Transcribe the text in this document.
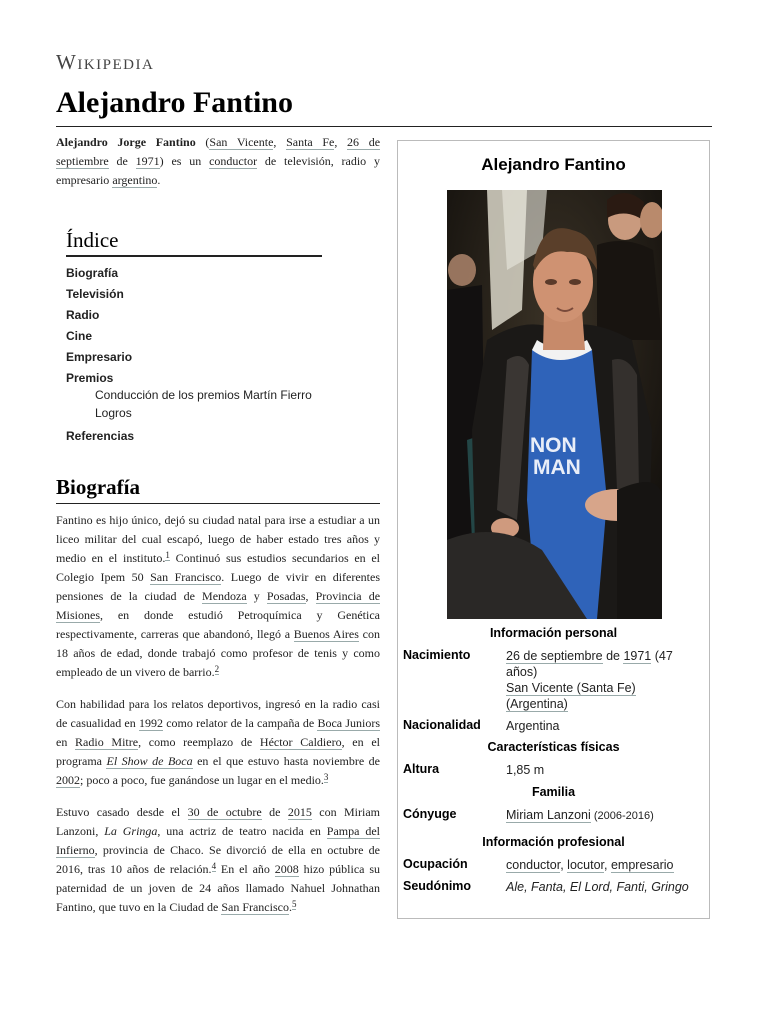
Wikipedia
Alejandro Fantino
Alejandro Jorge Fantino (San Vicente, Santa Fe, 26 de septiembre de 1971) es un conductor de televisión, radio y empresario argentino.
Índice
Biografía
Televisión
Radio
Cine
Empresario
Premios
Conducción de los premios Martín Fierro
Logros
Referencias
Biografía

Fantino es hijo único, dejó su ciudad natal para irse a estudiar a un liceo militar del cual escapó, luego de haber estado tres años y medio en el instituto.$^1$ Continuó sus estudios secundarios en el Colegio Ipem 50 San Francisco. Luego de vivir en diferentes pensiones de la ciudad de Mendoza y Posadas, Provincia de Misiones, en donde estudió Petroquímica y Genética respectivamente, carreras que abandonó, llegó a Buenos Aires con 18 años de edad, donde trabajó como profesor de tenis y como empleado de un vivero de barrio.$^2$

Con habilidad para los relatos deportivos, ingresó en la radio casi de casualidad en 1992 como relator de la campaña de Boca Juniors en Radio Mitre, como reemplazo de Héctor Caldiero, en el programa El Show de Boca en el que estuvo hasta noviembre de 2002; poco a poco, fue ganándose un lugar en el medio.$^3$

Estuvo casado desde el 30 de octubre de 2015 con Miriam Lanzoni, La Gringa, una actriz de teatro nacida en Pampa del Infierno, provincia de Chaco. Se divorció de ella en octubre de 2016, tras 10 años de relación.$^4$ En el año 2008 hizo pública su paternidad de un joven de 24 años llamado Nahuel Johnathan Fantino, que tuvo en la Ciudad de San Francisco.$^5$

Alejandro Fantino
NON
MAN
Información personal
Nacimiento	26 de septiembre de 1971 (47 años)
San Vicente (Santa Fe)
(Argentina)
Nacionalidad	Argentina
Características físicas
Altura	1,85 m
Familia
Cónyuge	Miriam Lanzoni (2006-2016)
Información profesional
Ocupación	conductor, locutor, empresario
Seudónimo	Ale, Fanta, El Lord, Fanti, Gringo
